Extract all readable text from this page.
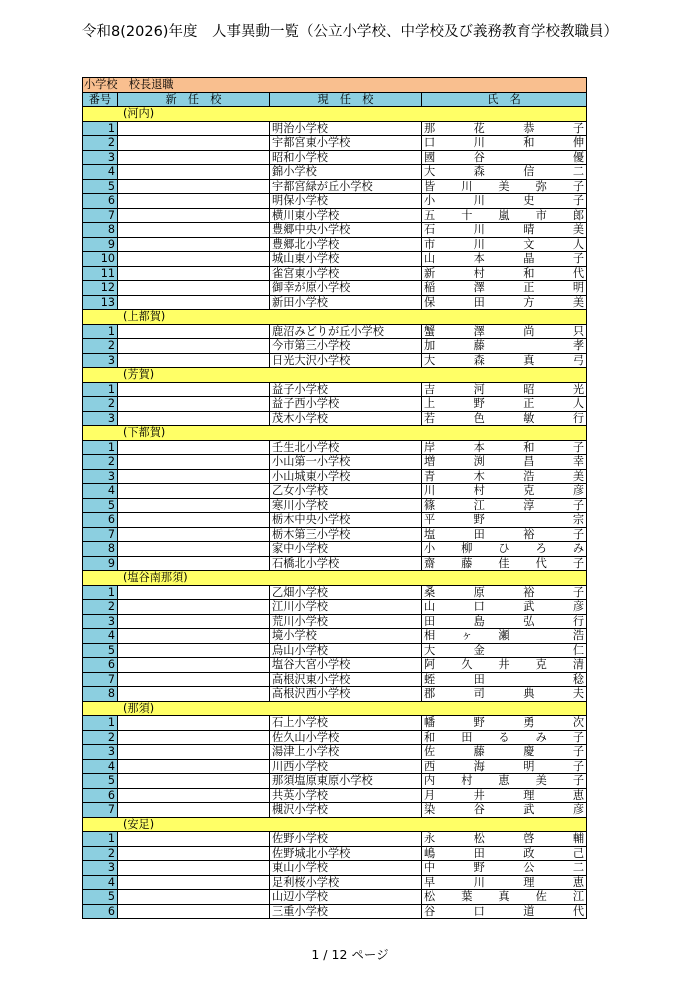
令和8(2026)年度　人事異動一覧（公立小学校、中学校及び義務教育学校教職員）
小学校　校長退職			
番号	新　任　校	現　任　校	氏　名
(河内)			
1		明治小学校	那花恭子
2		宇都宮東小学校	口川和伸
3		昭和小学校	國谷　優
4		錦小学校	大森信二
5		宇都宮緑が丘小学校	皆川美弥子
6		明保小学校	小川史子
7		横川東小学校	五十嵐市郎
8		豊郷中央小学校	石川晴美
9		豊郷北小学校	市川文人
10		城山東小学校	山本晶子
11		雀宮東小学校	新村和代
12		御幸が原小学校	稲澤正明
13		新田小学校	保田方美
(上都賀)			
1		鹿沼みどりが丘小学校	蟹澤尚只
2		今市第三小学校	加藤　孝
3		日光大沢小学校	大森真弓
(芳賀)			
1		益子小学校	吉河昭光
2		益子西小学校	上野正人
3		茂木小学校	若色敏行
(下都賀)			
1		壬生北小学校	岸本和子
2		小山第一小学校	増渕昌幸
3		小山城東小学校	青木浩美
4		乙女小学校	川村克彦
5		寒川小学校	篠江淳子
6		栃木中央小学校	平野　宗
7		栃木第三小学校	塩田裕子
8		家中小学校	小柳ひろみ
9		石橋北小学校	齋藤佳代子
(塩谷南那須)			
1		乙畑小学校	桑原裕子
2		江川小学校	山口武彦
3		荒川小学校	田島弘行
4		境小学校	相ヶ瀬　浩
5		烏山小学校	大金　仁
6		塩谷大宮小学校	阿久井克清
7		高根沢東小学校	蛭田　稔
8		高根沢西小学校	郡司典夫
(那須)			
1		石上小学校	幡野勇次
2		佐久山小学校	和田るみ子
3		湯津上小学校	佐藤慶子
4		川西小学校	西海明子
5		那須塩原東原小学校	内村恵美子
6		共英小学校	月井理恵
7		槻沢小学校	染谷武彦
(安足)			
1		佐野小学校	永松啓輔
2		佐野城北小学校	嶋田政己
3		東山小学校	中野公二
4		足利桜小学校	早川理恵
5		山辺小学校	松葉真佐江
6		三重小学校	谷口道代
1 / 12 ページ
